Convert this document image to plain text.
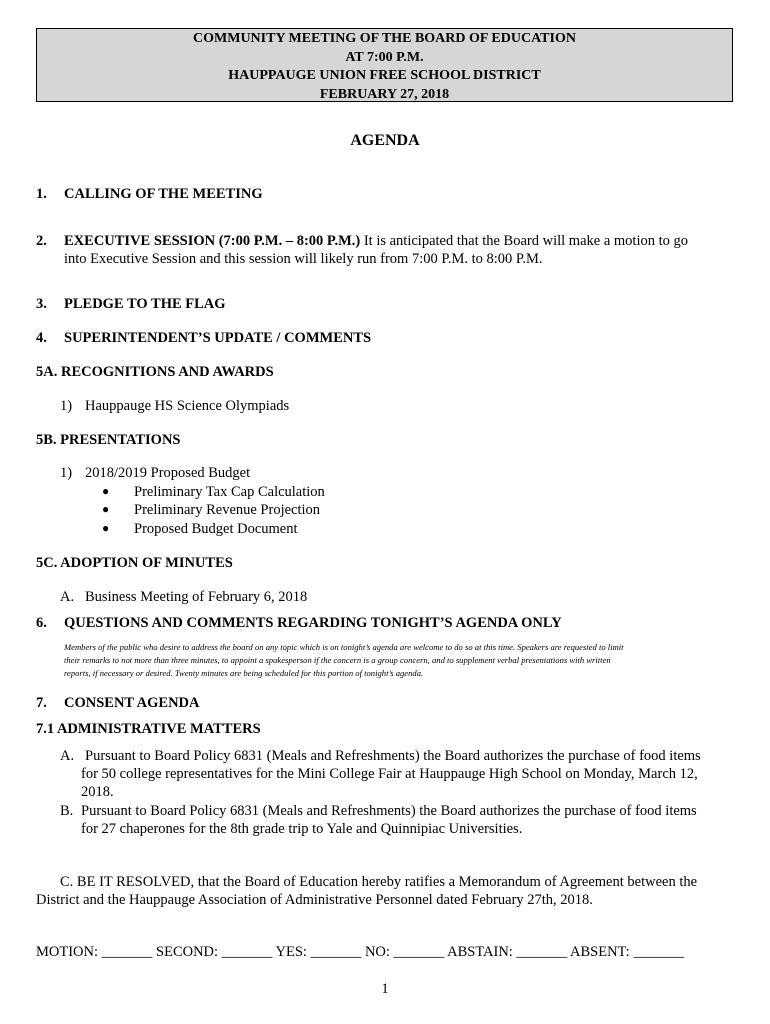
COMMUNITY MEETING OF THE BOARD OF EDUCATION
AT 7:00 P.M.
HAUPPAUGE UNION FREE SCHOOL DISTRICT
FEBRUARY 27, 2018
AGENDA
1. CALLING OF THE MEETING
2. EXECUTIVE SESSION (7:00 P.M. – 8:00 P.M.) It is anticipated that the Board will make a motion to go
into Executive Session and this session will likely run from 7:00 P.M. to 8:00 P.M.
3. PLEDGE TO THE FLAG
4. SUPERINTENDENT’S UPDATE / COMMENTS
5A. RECOGNITIONS AND AWARDS
1) Hauppauge HS Science Olympiads
5B. PRESENTATIONS
1) 2018/2019 Proposed Budget
● Preliminary Tax Cap Calculation
● Preliminary Revenue Projection
● Proposed Budget Document
5C. ADOPTION OF MINUTES
A. Business Meeting of February 6, 2018
6. QUESTIONS AND COMMENTS REGARDING TONIGHT’S AGENDA ONLY
Members of the public who desire to address the board on any topic which is on tonight’s agenda are welcome to do so at this time. Speakers are requested to limit
their remarks to not more than three minutes, to appoint a spokesperson if the concern is a group concern, and to supplement verbal presentations with written
reports, if necessary or desired. Twenty minutes are being scheduled for this portion of tonight’s agenda.
7. CONSENT AGENDA
7.1 ADMINISTRATIVE MATTERS
A. Pursuant to Board Policy 6831 (Meals and Refreshments) the Board authorizes the purchase of food items
for 50 college representatives for the Mini College Fair at Hauppauge High School on Monday, March 12,
2018.
B. Pursuant to Board Policy 6831 (Meals and Refreshments) the Board authorizes the purchase of food items
for 27 chaperones for the 8th grade trip to Yale and Quinnipiac Universities.
C. BE IT RESOLVED, that the Board of Education hereby ratifies a Memorandum of Agreement between the
District and the Hauppauge Association of Administrative Personnel dated February 27th, 2018.
MOTION: _______ SECOND: _______ YES: _______ NO: _______ ABSTAIN: _______ ABSENT: _______
1
